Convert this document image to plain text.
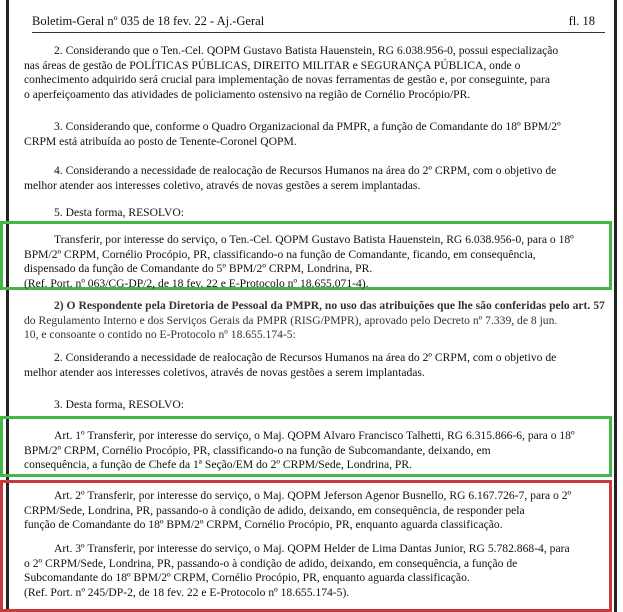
Boletim-Geral nº 035 de 18 fev. 22 - Aj.-Geral	fl. 18
2. Considerando que o Ten.-Cel. QOPM Gustavo Batista Hauenstein, RG 6.038.956-0, possui especialização
nas áreas de gestão de POLÍTICAS PÚBLICAS, DIREITO MILITAR e SEGURANÇA PÚBLICA, onde o
conhecimento adquirido será crucial para implementação de novas ferramentas de gestão e, por conseguinte, para
o aperfeiçoamento das atividades de policiamento ostensivo na região de Cornélio Procópio/PR.
3. Considerando que, conforme o Quadro Organizacional da PMPR, a função de Comandante do 18º BPM/2º
CRPM está atribuída ao posto de Tenente-Coronel QOPM.
4. Considerando a necessidade de realocação de Recursos Humanos na área do 2º CRPM, com o objetivo de
melhor atender aos interesses coletivo, através de novas gestões a serem implantadas.
5. Desta forma, RESOLVO:
Transferir, por interesse do serviço, o Ten.-Cel. QOPM Gustavo Batista Hauenstein, RG 6.038.956-0, para o 18º
BPM/2º CRPM, Cornélio Procópio, PR, classificando-o na função de Comandante, ficando, em consequência,
dispensado da função de Comandante do 5º BPM/2º CRPM, Londrina, PR.
(Ref. Port. nº 063/CG-DP/2, de 18 fev. 22 e E-Protocolo nº 18.655.071-4).
2) O Respondente pela Diretoria de Pessoal da PMPR, no uso das atribuições que lhe são conferidas pelo art. 57
do Regulamento Interno e dos Serviços Gerais da PMPR (RISG/PMPR), aprovado pelo Decreto nº 7.339, de 8 jun.
10, e consoante o contido no E-Protocolo nº 18.655.174-5:
2. Considerando a necessidade de realocação de Recursos Humanos na área do 2º CRPM, com o objetivo de
melhor atender aos interesses coletivos, através de novas gestões a serem implantadas.
3. Desta forma, RESOLVO:
Art. 1º Transferir, por interesse do serviço, o Maj. QOPM Alvaro Francisco Talhetti, RG 6.315.866-6, para o 18º
BPM/2º CRPM, Cornélio Procópio, PR, classificando-o na função de Subcomandante, deixando, em
consequência, a função de Chefe da 1ª Seção/EM do 2º CRPM/Sede, Londrina, PR.
Art. 2º Transferir, por interesse do serviço, o Maj. QOPM Jeferson Agenor Busnello, RG 6.167.726-7, para o 2º
CRPM/Sede, Londrina, PR, passando-o à condição de adido, deixando, em consequência, de responder pela
função de Comandante do 18º BPM/2º CRPM, Cornélio Procópio, PR, enquanto aguarda classificação.
Art. 3º Transferir, por interesse do serviço, o Maj. QOPM Helder de Lima Dantas Junior, RG 5.782.868-4, para
o 2º CRPM/Sede, Londrina, PR, passando-o à condição de adido, deixando, em consequência, a função de
Subcomandante do 18º BPM/2º CRPM, Cornélio Procópio, PR, enquanto aguarda classificação.
(Ref. Port. nº 245/DP-2, de 18 fev. 22 e E-Protocolo nº 18.655.174-5).
